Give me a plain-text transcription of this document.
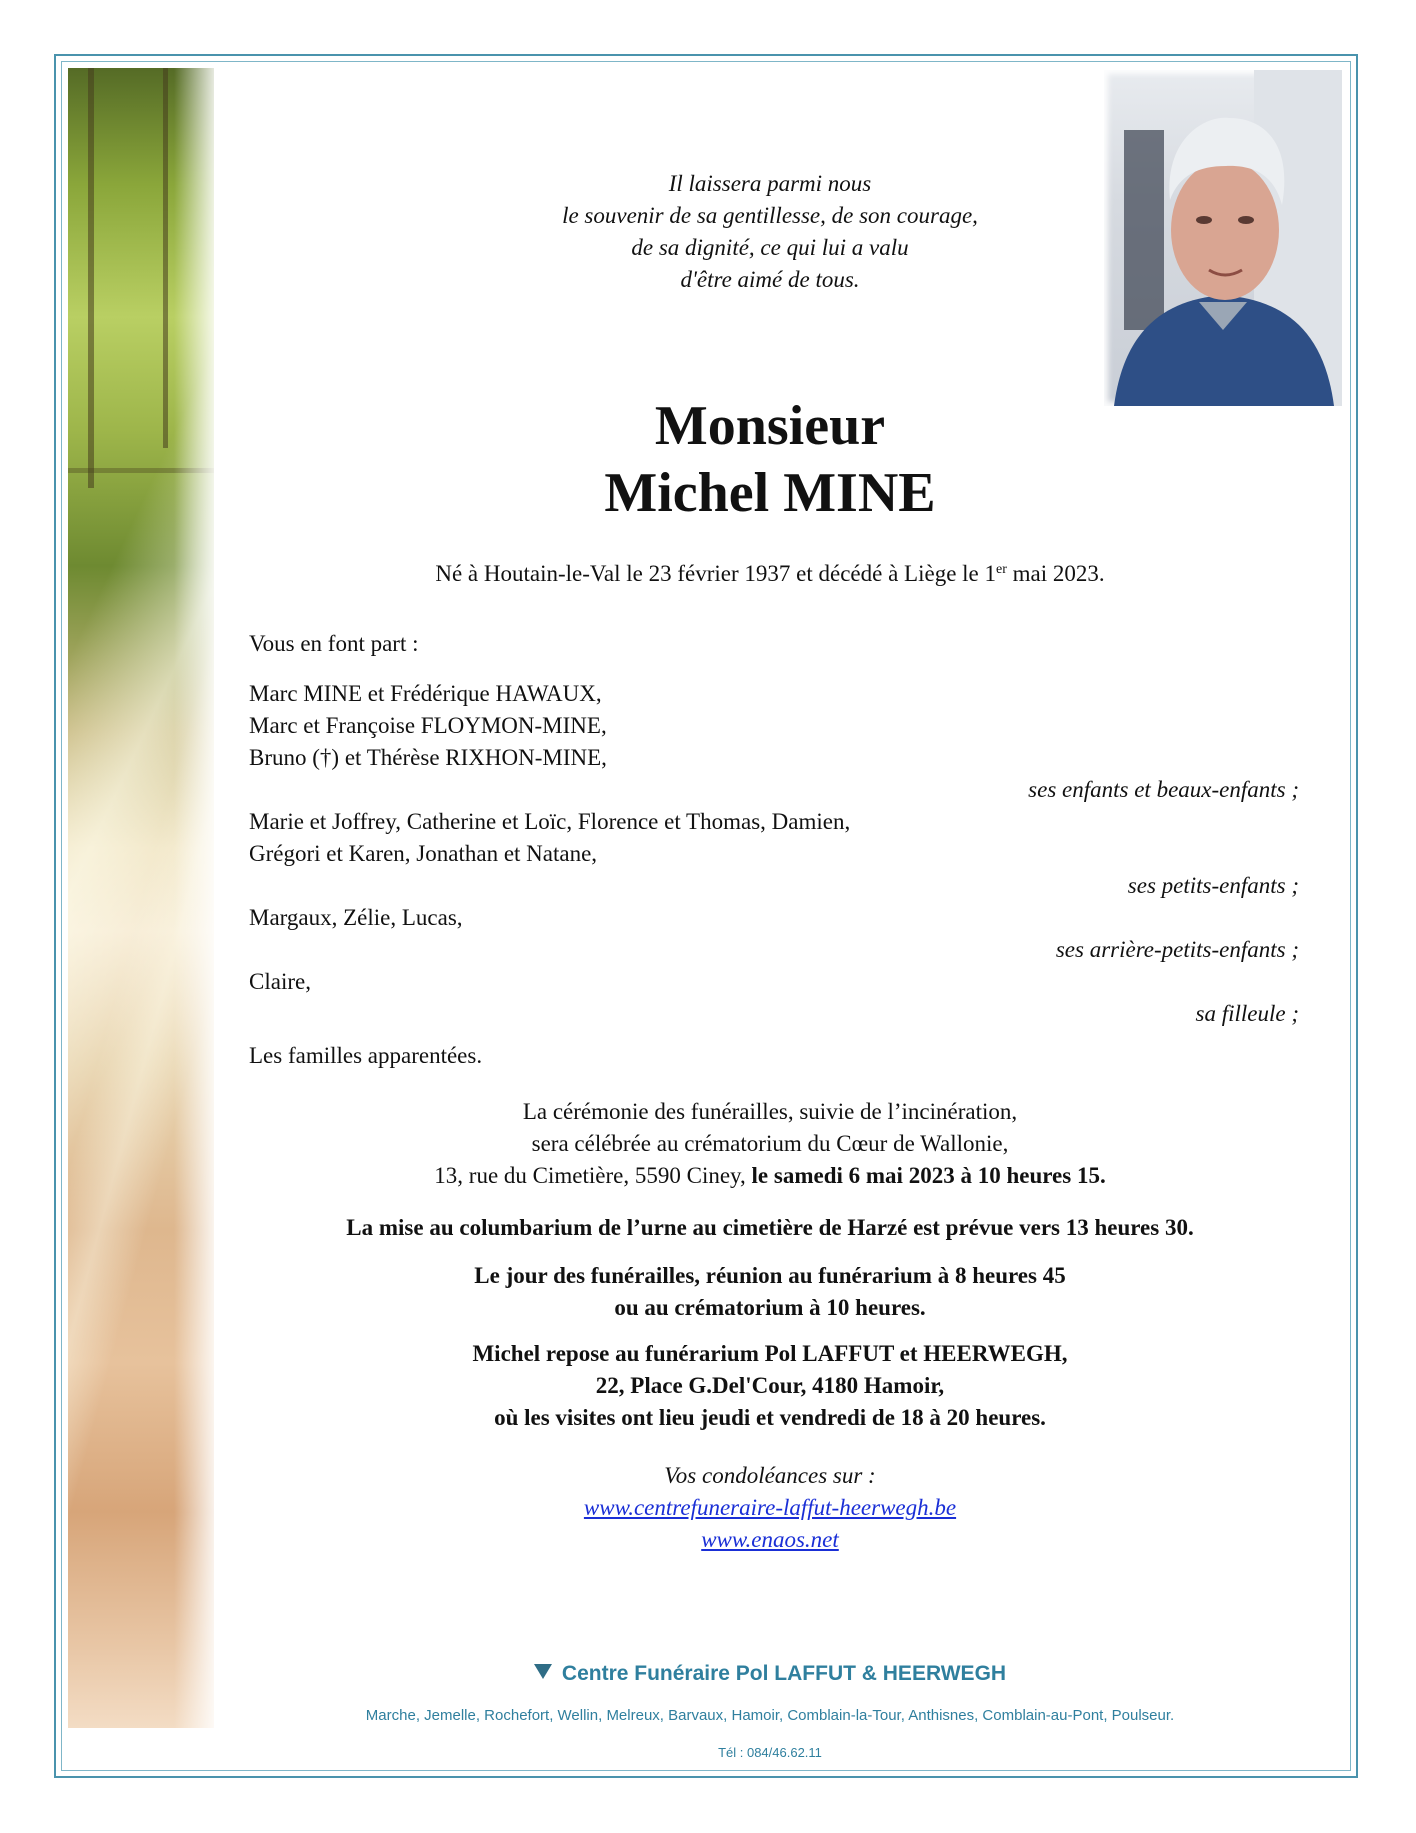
Il laissera parmi nous
le souvenir de sa gentillesse, de son courage,
de sa dignité, ce qui lui a valu
d'être aimé de tous.
Monsieur
Michel MINE
Né à Houtain-le-Val le 23 février 1937 et décédé à Liège le 1er mai 2023.
Vous en font part :
Marc MINE et Frédérique HAWAUX,
Marc et Françoise FLOYMON-MINE,
Bruno (†) et Thérèse RIXHON-MINE,
ses enfants et beaux-enfants ;
Marie et Joffrey, Catherine et Loïc, Florence et Thomas, Damien,
Grégori et Karen, Jonathan et Natane,
ses petits-enfants ;
Margaux, Zélie, Lucas,
ses arrière-petits-enfants ;
Claire,
sa filleule ;
Les familles apparentées.
La cérémonie des funérailles, suivie de l’incinération,
sera célébrée au crématorium du Cœur de Wallonie,
13, rue du Cimetière, 5590 Ciney, le samedi 6 mai 2023 à 10 heures 15.
La mise au columbarium de l’urne au cimetière de Harzé est prévue vers 13 heures 30.
Le jour des funérailles, réunion au funérarium à 8 heures 45
ou au crématorium à 10 heures.
Michel repose au funérarium Pol LAFFUT et HEERWEGH,
22, Place G.Del'Cour, 4180 Hamoir,
où les visites ont lieu jeudi et vendredi de 18 à 20 heures.
Vos condoléances sur :
www.centrefuneraire-laffut-heerwegh.be
www.enaos.net
Centre Funéraire Pol LAFFUT & HEERWEGH
Marche, Jemelle, Rochefort, Wellin, Melreux, Barvaux, Hamoir, Comblain-la-Tour, Anthisnes, Comblain-au-Pont, Poulseur.
Tél : 084/46.62.11
